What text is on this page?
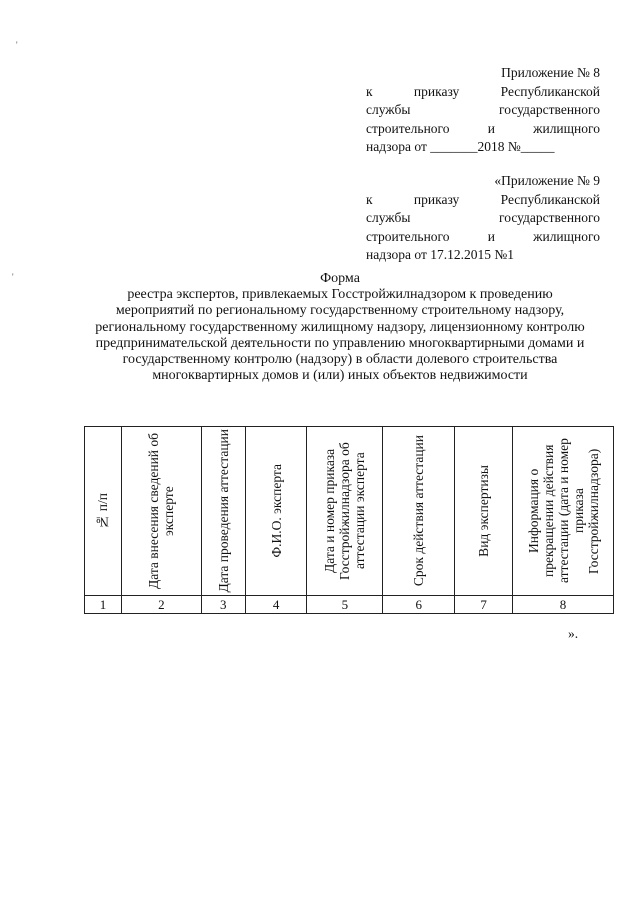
'
'
Приложение № 8
к	приказу	Республиканской
службы	государственного
строительного	и	жилищного
надзора от _______2018 №_____
«Приложение № 9
к	приказу	Республиканской
службы	государственного
строительного	и	жилищного
надзора от 17.12.2015 №1
Форма
реестра экспертов, привлекаемых Госстройжилнадзором к проведению мероприятий по региональному государственному строительному надзору, региональному государственному жилищному надзору, лицензионному контролю предпринимательской деятельности по управлению многоквартирными домами и государственному контролю (надзору) в области долевого строительства многоквартирных домов и (или) иных объектов недвижимости
№ п/п	Дата внесения сведений об эксперте	Дата проведения аттестации	Ф.И.О. эксперта	Дата и номер приказа Госстройжилнадзора об аттестации эксперта	Срок действия аттестации	Вид экспертизы	Информация о прекращении действия аттестации (дата и номер приказа Госстройжилнадзора)

1	2	3	4	5	6	7	8
».
